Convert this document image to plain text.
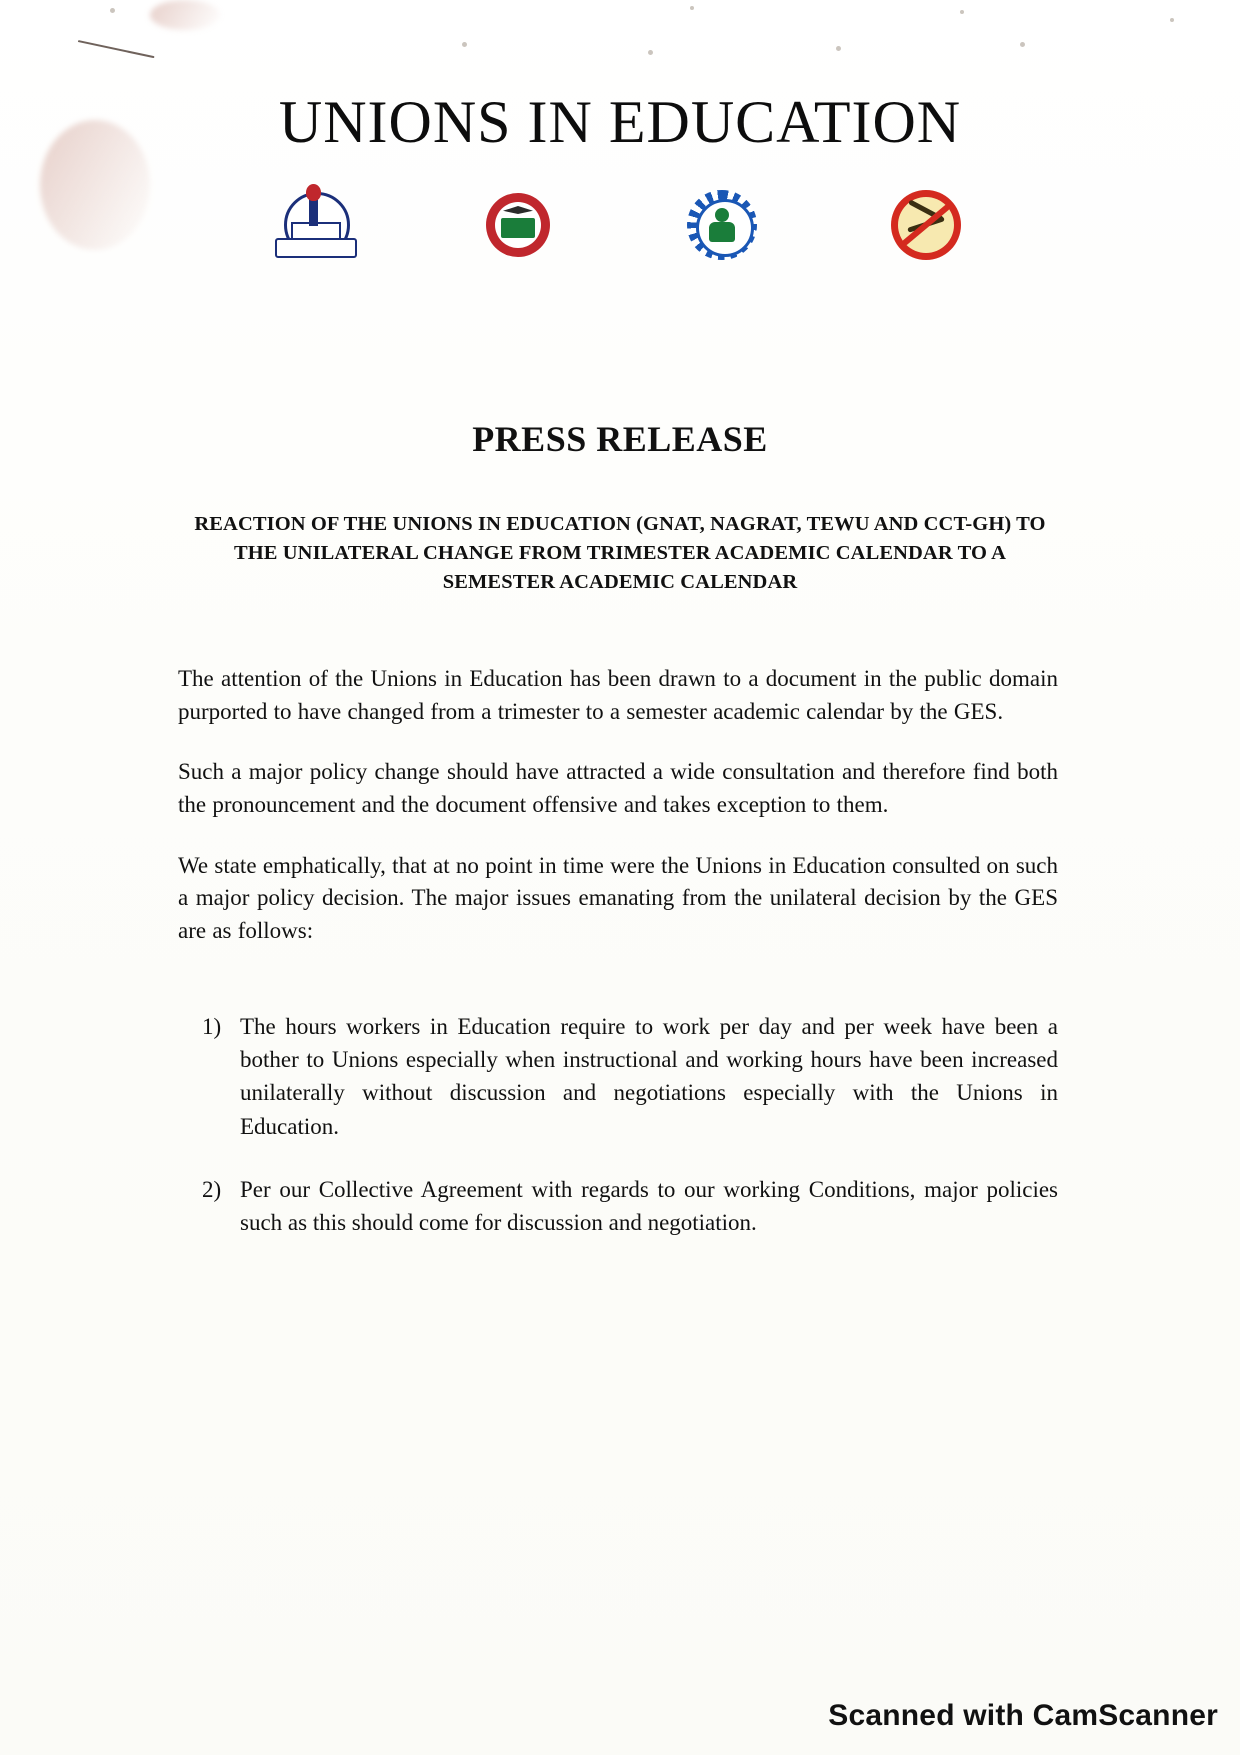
UNIONS IN EDUCATION
PRESS RELEASE
REACTION OF THE UNIONS IN EDUCATION (GNAT, NAGRAT, TEWU AND CCT-GH) TO THE UNILATERAL CHANGE FROM TRIMESTER ACADEMIC CALENDAR TO A SEMESTER ACADEMIC CALENDAR

The attention of the Unions in Education has been drawn to a document in the public domain purported to have changed from a trimester to a semester academic calendar by the GES.

Such a major policy change should have attracted a wide consultation and therefore find both the pronouncement and the document offensive and takes exception to them.

We state emphatically, that at no point in time were the Unions in Education consulted on such a major policy decision. The major issues emanating from the unilateral decision by the GES are as follows:

1) The hours workers in Education require to work per day and per week have been a bother to Unions especially when instructional and working hours have been increased unilaterally without discussion and negotiations especially with the Unions in Education.
2) Per our Collective Agreement with regards to our working Conditions, major policies such as this should come for discussion and negotiation.
Scanned with CamScanner
